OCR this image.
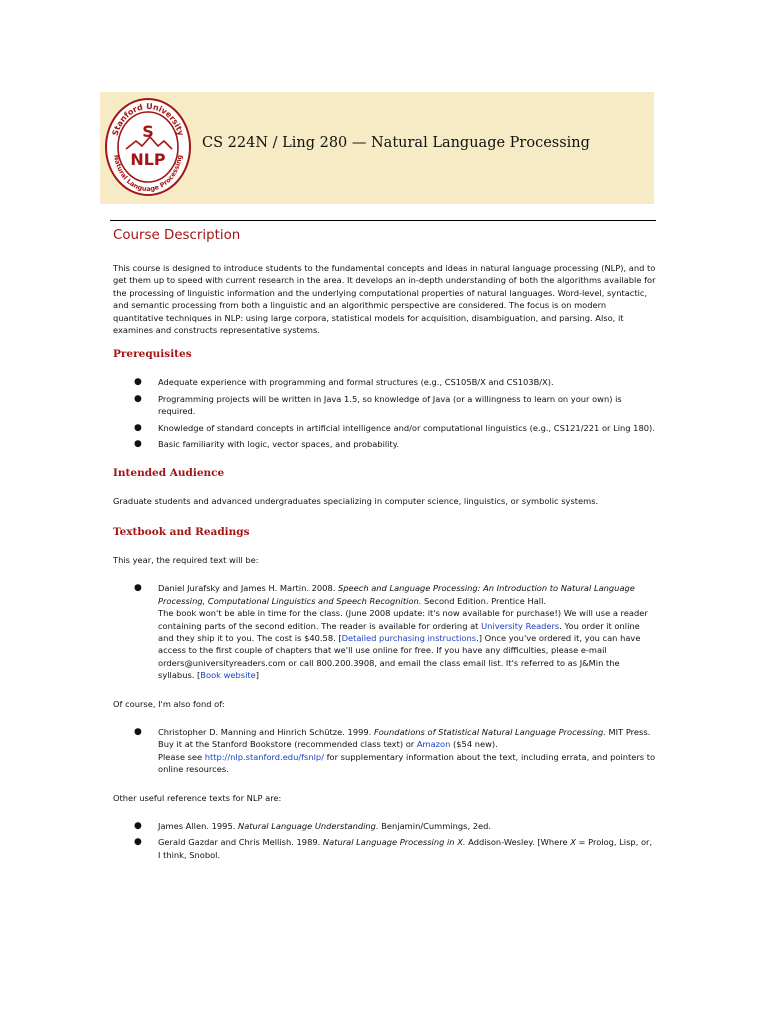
Stanford University
Natural Language Processing
S
NLP
CS 224N / Ling 280 — Natural Language Processing
Course Description

This course is designed to introduce students to the fundamental concepts and ideas in natural language processing (NLP), and to get them up to speed with current research in the area. It develops an in-depth understanding of both the algorithms available for the processing of linguistic information and the underlying computational properties of natural languages. Word-level, syntactic, and semantic processing from both a linguistic and an algorithmic perspective are considered. The focus is on modern quantitative techniques in NLP: using large corpora, statistical models for acquisition, disambiguation, and parsing. Also, it examines and constructs representative systems.

Prerequisites
● Adequate experience with programming and formal structures (e.g., CS105B/X and CS103B/X).
● Programming projects will be written in Java 1.5, so knowledge of Java (or a willingness to learn on your own) is required.
● Knowledge of standard concepts in artificial intelligence and/or computational linguistics (e.g., CS121/221 or Ling 180).
● Basic familiarity with logic, vector spaces, and probability.
Intended Audience

Graduate students and advanced undergraduates specializing in computer science, linguistics, or symbolic systems.

Textbook and Readings

This year, the required text will be:

● Daniel Jurafsky and James H. Martin. 2008. Speech and Language Processing: An Introduction to Natural Language Processing, Computational Linguistics and Speech Recognition. Second Edition. Prentice Hall.
The book won't be able in time for the class. (June 2008 update: it's now available for purchase!) We will use a reader containing parts of the second edition. The reader is available for ordering at University Readers. You order it online and they ship it to you. The cost is $40.58. [Detailed purchasing instructions.] Once you've ordered it, you can have access to the first couple of chapters that we'll use online for free. If you have any difficulties, please e-mail orders@universityreaders.com or call 800.200.3908, and email the class email list. It's referred to as J&Min the syllabus. [Book website]

Of course, I'm also fond of:

● Christopher D. Manning and Hinrich Schütze. 1999. Foundations of Statistical Natural Language Processing. MIT Press.
Buy it at the Stanford Bookstore (recommended class text) or Amazon ($54 new).
Please see http://nlp.stanford.edu/fsnlp/ for supplementary information about the text, including errata, and pointers to online resources.

Other useful reference texts for NLP are:

● James Allen. 1995. Natural Language Understanding. Benjamin/Cummings, 2ed.
● Gerald Gazdar and Chris Mellish. 1989. Natural Language Processing in X. Addison-Wesley. [Where X = Prolog, Lisp, or, I think, Snobol.
